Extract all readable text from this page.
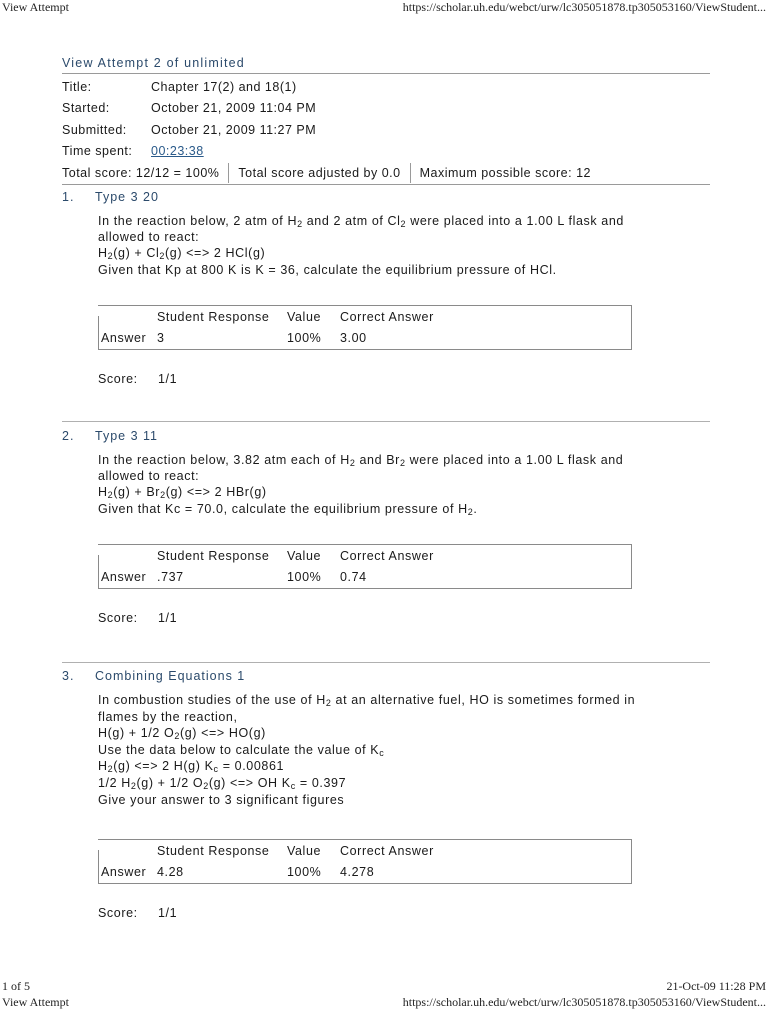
View Attempt	https://scholar.uh.edu/webct/urw/lc305051878.tp305053160/ViewStudent...
View Attempt 2 of unlimited
Title:	Chapter 17(2) and 18(1)
Started:	October 21, 2009 11:04 PM
Submitted:	October 21, 2009 11:27 PM
Time spent:	00:23:38
Total score: 12/12 = 100% Total score adjusted by 0.0 Maximum possible score: 12
1.	Type 3 20
In the reaction below, 2 atm of $H_2$ and 2 atm of $Cl_2$ were placed into a 1.00 L flask and
allowed to react:
$H_2(g) + Cl_2(g)$ <=> 2 HCl(g)
Given that Kp at 800 K is K = 36, calculate the equilibrium pressure of HCl.
Student Response	Value	Correct Answer
Answer 3	100%	3.00
Score:	1/1
2.	Type 3 11
In the reaction below, 3.82 atm each of $H_2$ and $Br_2$ were placed into a 1.00 L flask and
allowed to react:
$H_2(g) + Br_2(g)$ <=> 2 HBr(g)
Given that Kc = 70.0, calculate the equilibrium pressure of $H_2$.
Student Response	Value	Correct Answer
Answer .737	100%	0.74
Score:	1/1
3.	Combining Equations 1
In combustion studies of the use of $H_2$ at an alternative fuel, HO is sometimes formed in
flames by the reaction,
H(g) + 1/2 $O_2(g)$ <=> HO(g)
Use the data below to calculate the value of $K_c$
$H_2(g)$ <=> 2 H(g) $K_c = 0.00861$
1/2 $H_2(g) + 1/2$ $O_2(g)$ <=> OH $K_c = 0.397$
Give your answer to 3 significant figures
Student Response	Value	Correct Answer
Answer 4.28	100%	4.278
Score:	1/1
1 of 5	21-Oct-09 11:28 PM
View Attempt	https://scholar.uh.edu/webct/urw/lc305051878.tp305053160/ViewStudent...
